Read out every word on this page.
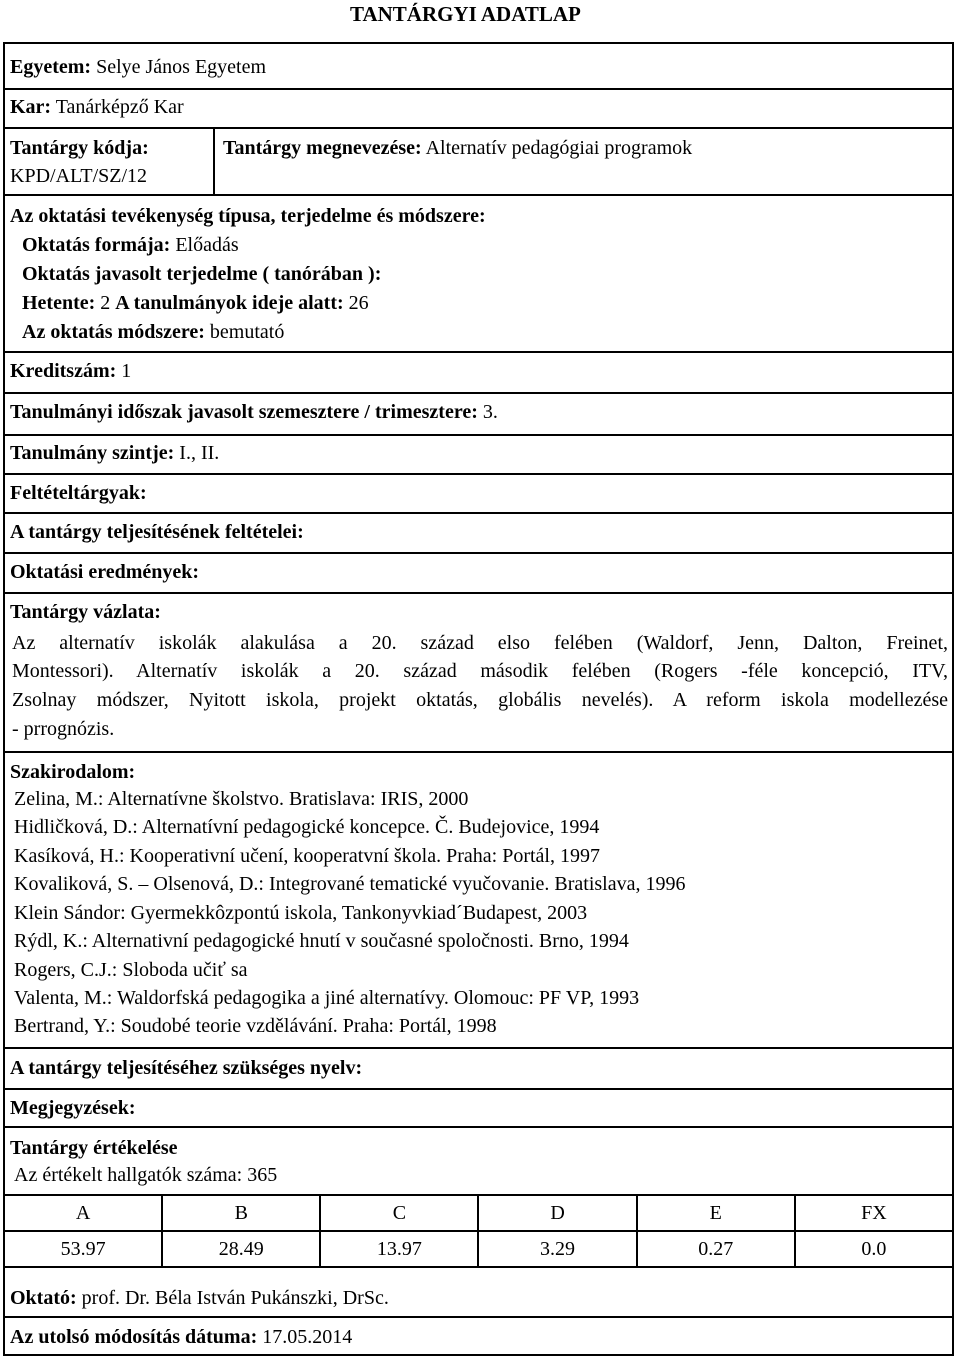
TANTÁRGYI ADATLAP
Egyetem: Selye János Egyetem
Kar: Tanárképző Kar
Tantárgy kódja:
KPD/ALT/SZ/12
Tantárgy megnevezése: Alternatív pedagógiai programok
Az oktatási tevékenység típusa, terjedelme és módszere:
Oktatás formája: Előadás
Oktatás javasolt terjedelme ( tanórában ):
Hetente: 2 A tanulmányok ideje alatt: 26
Az oktatás módszere: bemutató
Kreditszám: 1
Tanulmányi időszak javasolt szemesztere / trimesztere: 3.
Tanulmány szintje: I., II.
Feltételtárgyak:
A tantárgy teljesítésének feltételei:
Oktatási eredmények:
Tantárgy vázlata:
Az alternatív iskolák alakulása a 20. század elso felében (Waldorf, Jenn, Dalton, Freinet,
Montessori). Alternatív iskolák a 20. század második felében (Rogers -féle koncepció, ITV,
Zsolnay módszer, Nyitott iskola, projekt oktatás, globális nevelés). A reform iskola modellezése
- prrognózis.
Szakirodalom:
Zelina, M.: Alternatívne školstvo. Bratislava: IRIS, 2000
Hidličková, D.: Alternatívní pedagogické koncepce. Č. Budejovice, 1994
Kasíková, H.: Kooperativní učení, kooperatvní škola. Praha: Portál, 1997
Kovaliková, S. – Olsenová, D.: Integrované tematické vyučovanie. Bratislava, 1996
Klein Sándor: Gyermekkôzpontú iskola, Tankonyvkiad´Budapest, 2003
Rýdl, K.: Alternativní pedagogické hnutí v současné spoločnosti. Brno, 1994
Rogers, C.J.: Sloboda učiť sa
Valenta, M.: Waldorfská pedagogika a jiné alternatívy. Olomouc: PF VP, 1993
Bertrand, Y.: Soudobé teorie vzdělávání. Praha: Portál, 1998
A tantárgy teljesítéséhez szükséges nyelv:
Megjegyzések:
Tantárgy értékelése
Az értékelt hallgatók száma: 365
A	B	C	D	E	FX
53.97	28.49	13.97	3.29	0.27	0.0
Oktató: prof. Dr. Béla István Pukánszki, DrSc.
Az utolsó módosítás dátuma: 17.05.2014
